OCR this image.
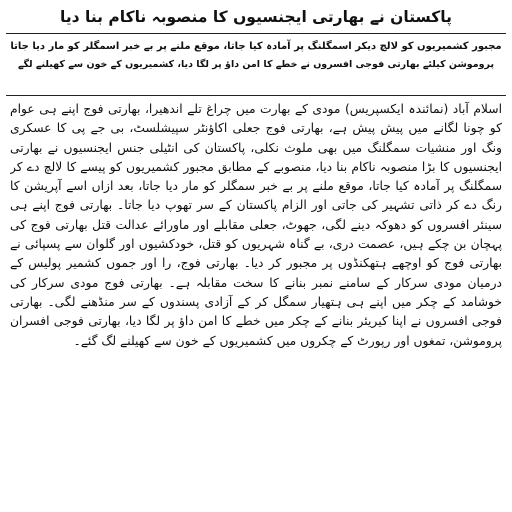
پاکستان نے بھارتی ایجنسیوں کا منصوبہ ناکام بنا دیا
مجبور کشمیریوں کو لالچ دیکر اسمگلنگ پر آمادہ کیا جاتا، موقع ملنے پر بے خبر اسمگلر کو مار دیا جاتا
پروموشن کیلئے بھارتی فوجی افسروں نے خطے کا امن داؤ پر لگا دیا، کشمیریوں کے خون سے کھیلنے لگے

اسلام آباد (نمائندہ ایکسپریس) مودی کے بھارت میں چراغ تلے اندھیرا، بھارتی فوج اپنے ہی عوام کو چونا لگانے میں پیش پیش ہے، بھارتی فوج جعلی اکاؤنٹر سپیشلسٹ، بی جے پی کا عسکری ونگ اور منشیات سمگلنگ میں بھی ملوث نکلی، پاکستان کی انٹیلی جنس ایجنسیوں نے بھارتی ایجنسیوں کا بڑا منصوبہ ناکام بنا دیا، منصوبے کے مطابق مجبور کشمیریوں کو پیسے کا لالچ دے کر سمگلنگ پر آمادہ کیا جاتا، موقع ملنے پر بے خبر سمگلر کو مار دیا جاتا، بعد ازاں اسے آپریشن کا رنگ دے کر ذاتی تشہیر کی جاتی اور الزام پاکستان کے سر تھوپ دیا جاتا۔ بھارتی فوج اپنے ہی سینئر افسروں کو دھوکہ دینے لگی، جھوٹ، جعلی مقابلے اور ماورائے عدالت قتل بھارتی فوج کی پہچان بن چکے ہیں، عصمت دری، بے گناہ شہریوں کو قتل، خودکشیوں اور گلوان سے پسپائی نے بھارتی فوج کو اوچھے ہتھکنڈوں پر مجبور کر دیا۔ بھارتی فوج، را اور جموں کشمیر پولیس کے درمیان مودی سرکار کے سامنے نمبر بنانے کا سخت مقابلہ ہے۔ بھارتی فوج مودی سرکار کی خوشامد کے چکر میں اپنے ہی ہتھیار سمگل کر کے آزادی پسندوں کے سر منڈھنے لگی۔ بھارتی فوجی افسروں نے اپنا کیریئر بنانے کے چکر میں خطے کا امن داؤ پر لگا دیا، بھارتی فوجی افسران پروموشن، تمغوں اور رپورٹ کے چکروں میں کشمیریوں کے خون سے کھیلنے لگ گئے۔
